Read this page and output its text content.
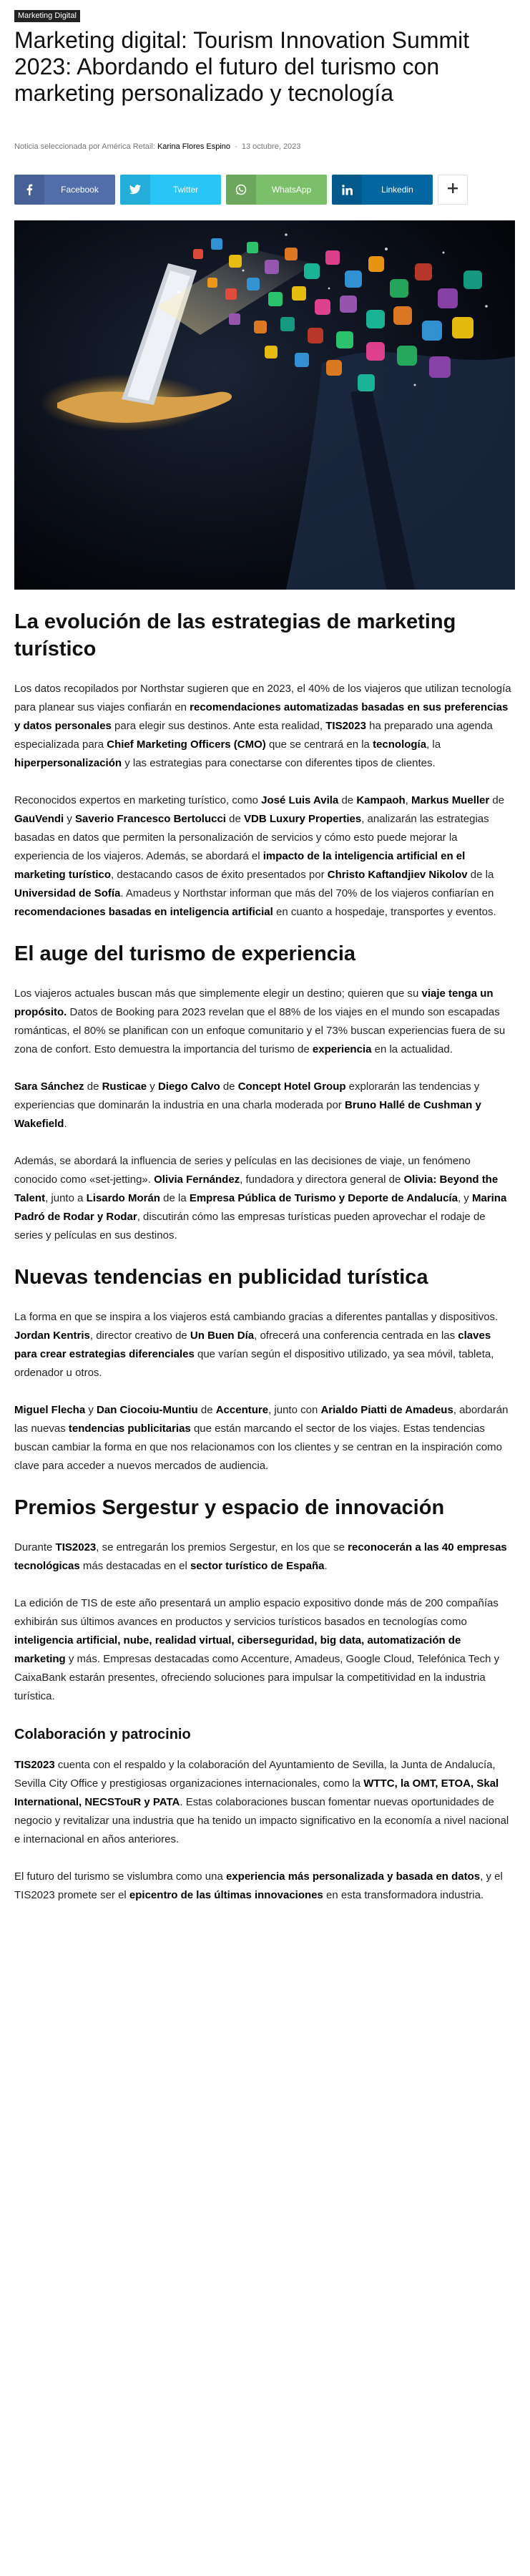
Marketing Digital
Marketing digital: Tourism Innovation Summit 2023: Abordando el futuro del turismo con marketing personalizado y tecnología
Noticia seleccionada por América Retail: Karina Flores Espino - 13 octubre, 2023
Facebook	Twitter	WhatsApp	Linkedin
La evolución de las estrategias de marketing turístico

Los datos recopilados por Northstar sugieren que en 2023, el 40% de los viajeros que utilizan tecnología para planear sus viajes confiarán en recomendaciones automatizadas basadas en sus preferencias y datos personales para elegir sus destinos. Ante esta realidad, TIS2023 ha preparado una agenda especializada para Chief Marketing Officers (CMO) que se centrará en la tecnología, la hiperpersonalización y las estrategias para conectarse con diferentes tipos de clientes.

Reconocidos expertos en marketing turístico, como José Luis Avila de Kampaoh, Markus Mueller de GauVendi y Saverio Francesco Bertolucci de VDB Luxury Properties, analizarán las estrategias basadas en datos que permiten la personalización de servicios y cómo esto puede mejorar la experiencia de los viajeros. Además, se abordará el impacto de la inteligencia artificial en el marketing turístico, destacando casos de éxito presentados por Christo Kaftandjiev Nikolov de la Universidad de Sofía. Amadeus y Northstar informan que más del 70% de los viajeros confiarían en recomendaciones basadas en inteligencia artificial en cuanto a hospedaje, transportes y eventos.

El auge del turismo de experiencia

Los viajeros actuales buscan más que simplemente elegir un destino; quieren que su viaje tenga un propósito. Datos de Booking para 2023 revelan que el 88% de los viajes en el mundo son escapadas románticas, el 80% se planifican con un enfoque comunitario y el 73% buscan experiencias fuera de su zona de confort. Esto demuestra la importancia del turismo de experiencia en la actualidad.

Sara Sánchez de Rusticae y Diego Calvo de Concept Hotel Group explorarán las tendencias y experiencias que dominarán la industria en una charla moderada por Bruno Hallé de Cushman y Wakefield.

Además, se abordará la influencia de series y películas en las decisiones de viaje, un fenómeno conocido como «set-jetting». Olivia Fernández, fundadora y directora general de Olivia: Beyond the Talent, junto a Lisardo Morán de la Empresa Pública de Turismo y Deporte de Andalucía, y Marina Padró de Rodar y Rodar, discutirán cómo las empresas turísticas pueden aprovechar el rodaje de series y películas en sus destinos.

Nuevas tendencias en publicidad turística

La forma en que se inspira a los viajeros está cambiando gracias a diferentes pantallas y dispositivos. Jordan Kentris, director creativo de Un Buen Día, ofrecerá una conferencia centrada en las claves para crear estrategias diferenciales que varían según el dispositivo utilizado, ya sea móvil, tableta, ordenador u otros.

Miguel Flecha y Dan Ciocoiu-Muntiu de Accenture, junto con Arialdo Piatti de Amadeus, abordarán las nuevas tendencias publicitarias que están marcando el sector de los viajes. Estas tendencias buscan cambiar la forma en que nos relacionamos con los clientes y se centran en la inspiración como clave para acceder a nuevos mercados de audiencia.

Premios Sergestur y espacio de innovación

Durante TIS2023, se entregarán los premios Sergestur, en los que se reconocerán a las 40 empresas tecnológicas más destacadas en el sector turístico de España.

La edición de TIS de este año presentará un amplio espacio expositivo donde más de 200 compañías exhibirán sus últimos avances en productos y servicios turísticos basados en tecnologías como inteligencia artificial, nube, realidad virtual, ciberseguridad, big data, automatización de marketing y más. Empresas destacadas como Accenture, Amadeus, Google Cloud, Telefónica Tech y CaixaBank estarán presentes, ofreciendo soluciones para impulsar la competitividad en la industria turística.

Colaboración y patrocinio

TIS2023 cuenta con el respaldo y la colaboración del Ayuntamiento de Sevilla, la Junta de Andalucía, Sevilla City Office y prestigiosas organizaciones internacionales, como la WTTC, la OMT, ETOA, Skal International, NECSTouR y PATA. Estas colaboraciones buscan fomentar nuevas oportunidades de negocio y revitalizar una industria que ha tenido un impacto significativo en la economía a nivel nacional e internacional en años anteriores.

El futuro del turismo se vislumbra como una experiencia más personalizada y basada en datos, y el TIS2023 promete ser el epicentro de las últimas innovaciones en esta transformadora industria.
